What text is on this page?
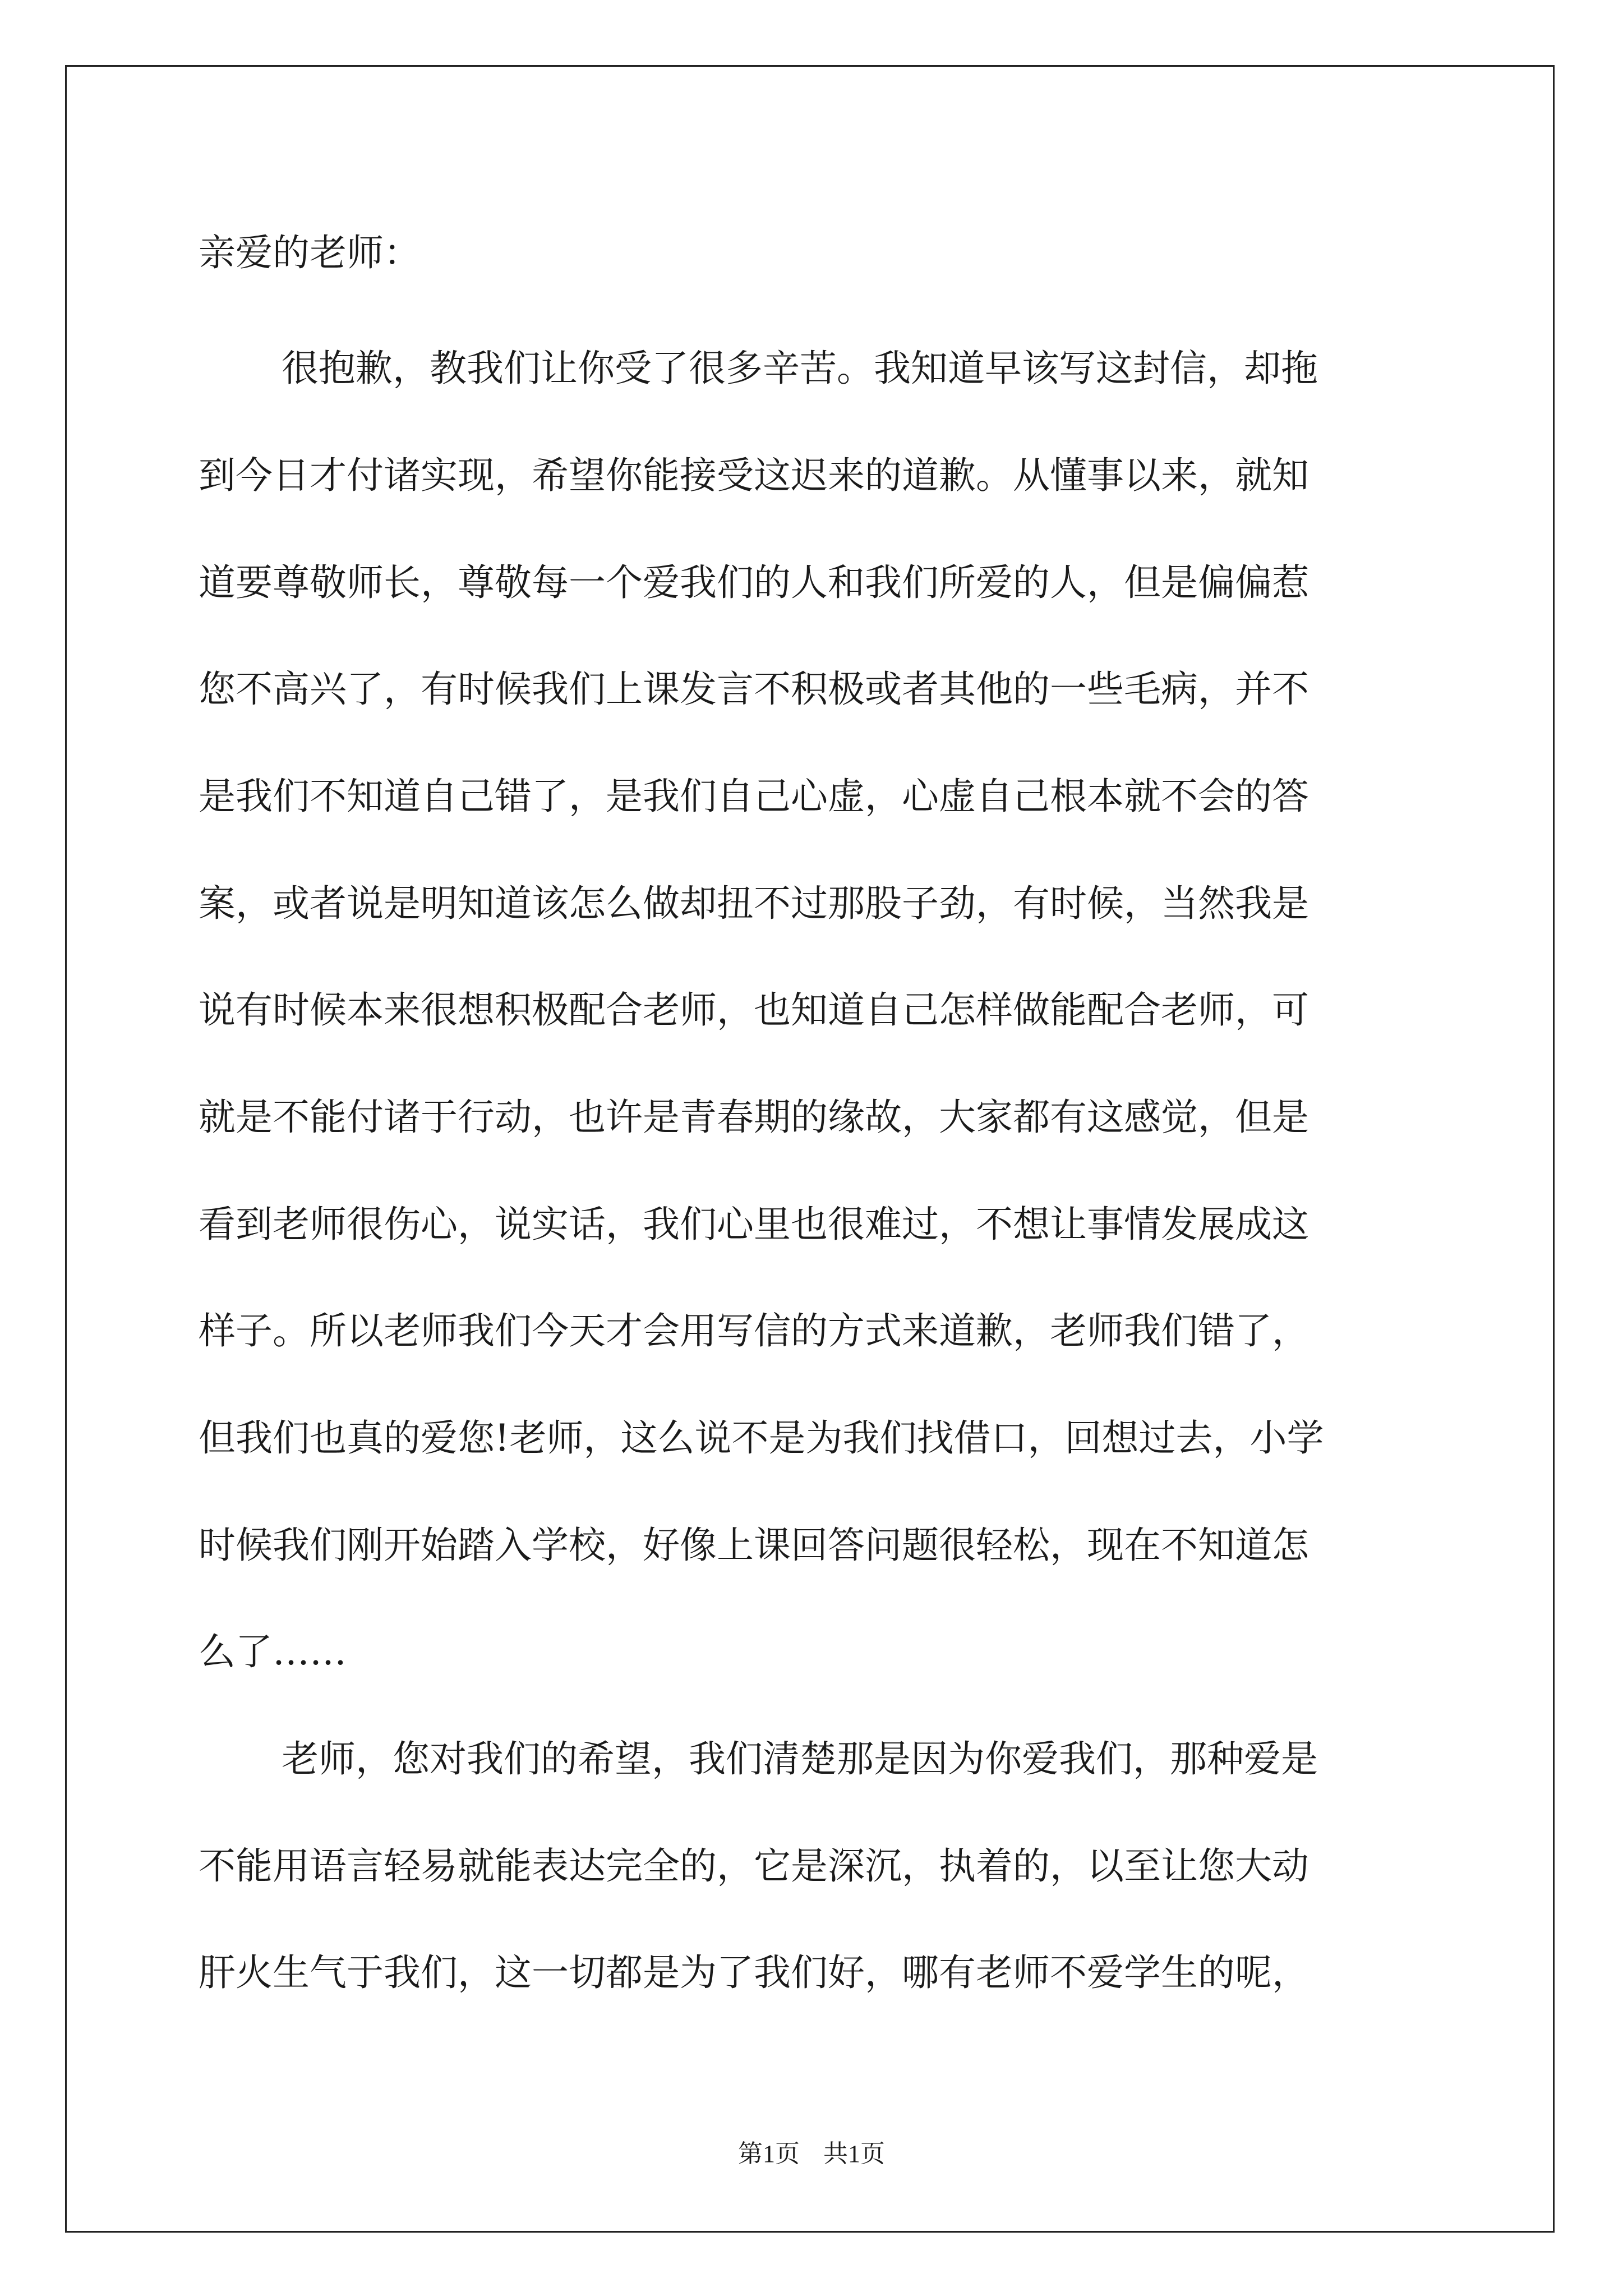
亲爱的老师：
很抱歉，教我们让你受了很多辛苦。我知道早该写这封信，却拖
到今日才付诸实现，希望你能接受这迟来的道歉。从懂事以来，就知
道要尊敬师长，尊敬每一个爱我们的人和我们所爱的人，但是偏偏惹
您不高兴了，有时候我们上课发言不积极或者其他的一些毛病，并不
是我们不知道自己错了，是我们自己心虚，心虚自己根本就不会的答
案，或者说是明知道该怎么做却扭不过那股子劲，有时候，当然我是
说有时候本来很想积极配合老师，也知道自己怎样做能配合老师，可
就是不能付诸于行动，也许是青春期的缘故，大家都有这感觉，但是
看到老师很伤心，说实话，我们心里也很难过，不想让事情发展成这
样子。所以老师我们今天才会用写信的方式来道歉，老师我们错了，
但我们也真的爱您!老师，这么说不是为我们找借口，回想过去，小学
时候我们刚开始踏入学校，好像上课回答问题很轻松，现在不知道怎
么了……
老师，您对我们的希望，我们清楚那是因为你爱我们，那种爱是
不能用语言轻易就能表达完全的，它是深沉，执着的，以至让您大动
肝火生气于我们，这一切都是为了我们好，哪有老师不爱学生的呢，
第1页 共1页
